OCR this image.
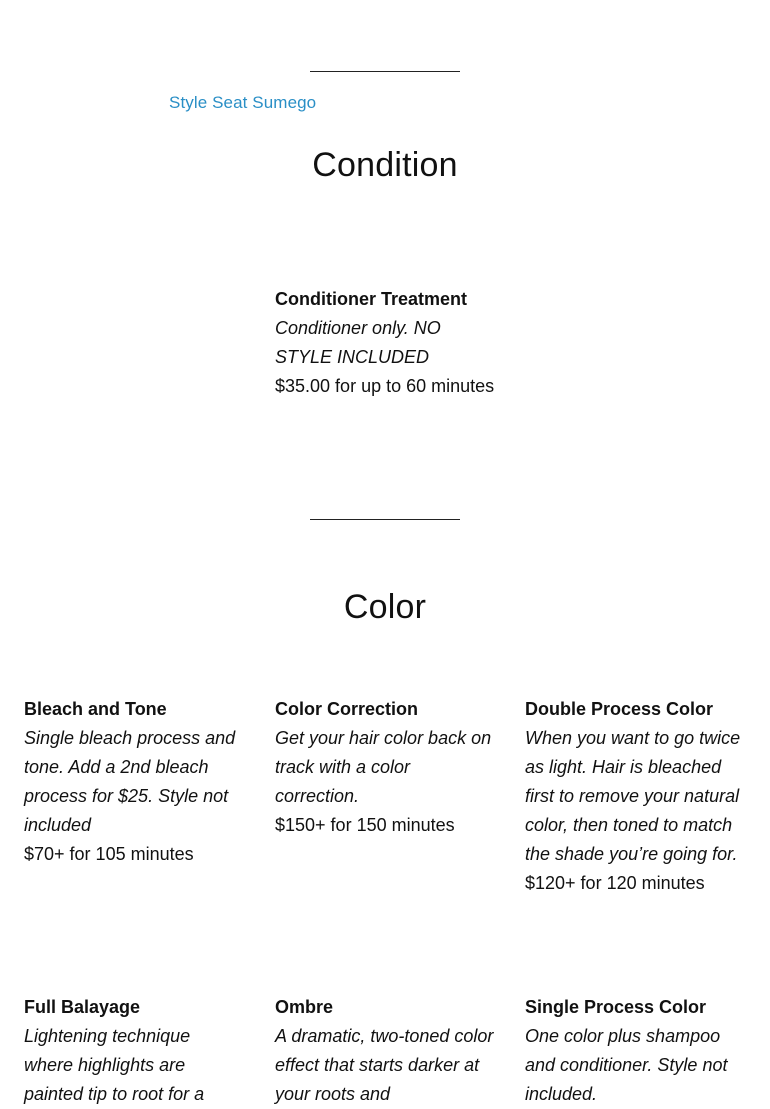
Style Seat Sumego
Condition
Conditioner Treatment
Conditioner only. NO STYLE INCLUDED
$35.00 for up to 60 minutes
Color
Bleach and Tone
Single bleach process and tone. Add a 2nd bleach process for $25. Style not included
$70+ for 105 minutes
Color Correction
Get your hair color back on track with a color correction.
$150+ for 150 minutes
Double Process Color
When you want to go twice as light. Hair is bleached first to remove your natural color, then toned to match the shade you’re going for.
$120+ for 120 minutes
Full Balayage
Lightening technique where highlights are painted tip to root for a
Ombre
A dramatic, two-toned color effect that starts darker at your roots and
Single Process Color
One color plus shampoo and conditioner. Style not included.
